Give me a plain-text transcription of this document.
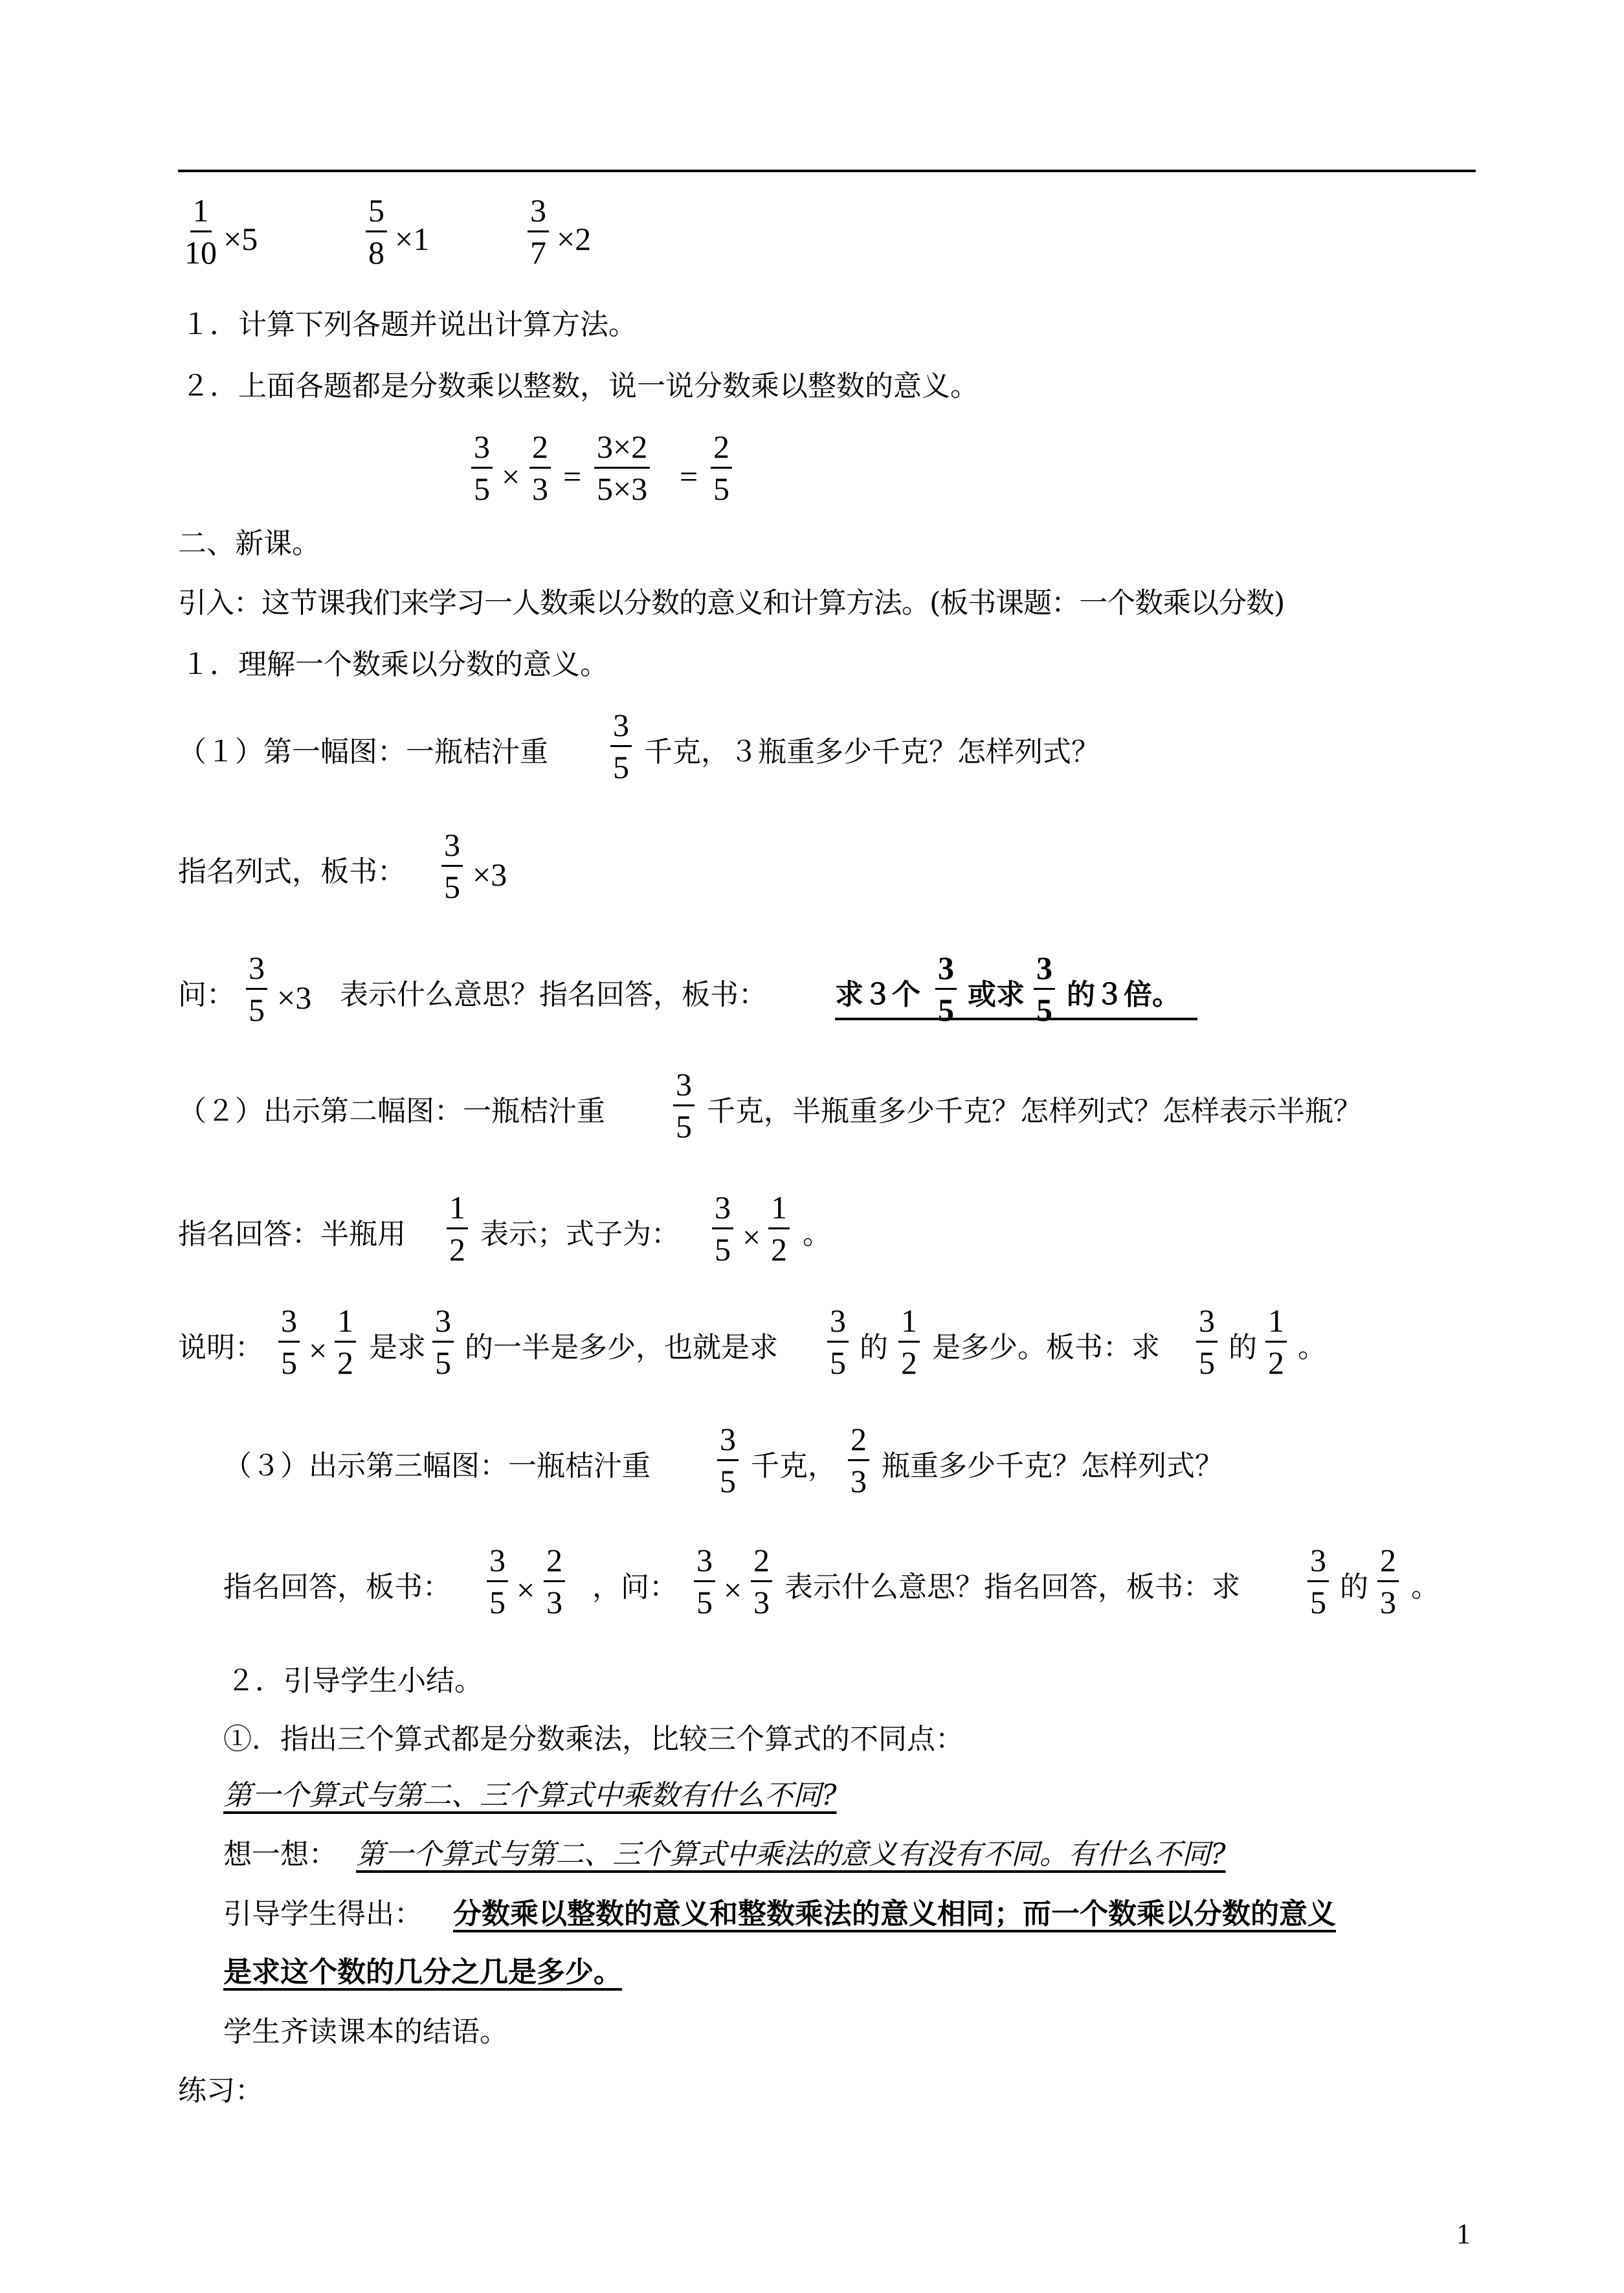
$\frac{1}{10} \times 5$	$\frac{5}{8} \times 1$	$\frac{3}{7} \times 2$
１．计算下列各题并说出计算方法。
２．上面各题都是分数乘以整数，说一说分数乘以整数的意义。
$\frac{3}{5} \times \frac{2}{3} = \frac{3\times 2}{5\times 3} = \frac{2}{5}$
二、新课。
引入：这节课我们来学习一人数乘以分数的意义和计算方法。(板书课题：一个数乘以分数)
１．理解一个数乘以分数的意义。
（１）第一幅图：一瓶桔汁重 $\frac{3}{5}$ 千克，３瓶重多少千克？怎样列式？
指名列式，板书： $\frac{3}{5} \times 3$
问： $\frac{3}{5} \times 3$ 表示什么意思？指名回答，板书： 求３个 $\frac{3}{5}$ 或求 $\frac{3}{5}$ 的３倍。
（２）出示第二幅图：一瓶桔汁重 $\frac{3}{5}$ 千克，半瓶重多少千克？怎样列式？怎样表示半瓶？
指名回答：半瓶用 $\frac{1}{2}$ 表示；式子为： $\frac{3}{5} \times \frac{1}{2}$ 。
说明： $\frac{3}{5} \times \frac{1}{2}$ 是求 $\frac{3}{5}$ 的一半是多少，也就是求 $\frac{3}{5}$ 的 $\frac{1}{2}$ 是多少。板书：求 $\frac{3}{5}$ 的 $\frac{1}{2}$ 。
（３）出示第三幅图：一瓶桔汁重 $\frac{3}{5}$ 千克， $\frac{2}{3}$ 瓶重多少千克？怎样列式？
指名回答，板书： $\frac{3}{5} \times \frac{2}{3}$ ，问： $\frac{3}{5} \times \frac{2}{3}$ 表示什么意思？指名回答，板书：求 $\frac{3}{5}$ 的 $\frac{2}{3}$ 。
２．引导学生小结。
①．指出三个算式都是分数乘法，比较三个算式的不同点：
第一个算式与第二、三个算式中乘数有什么不同?
想一想： 第一个算式与第二、三个算式中乘法的意义有没有不同。有什么不同?
引导学生得出： 分数乘以整数的意义和整数乘法的意义相同；而一个数乘以分数的意义
是求这个数的几分之几是多少。
学生齐读课本的结语。
练习：
1
